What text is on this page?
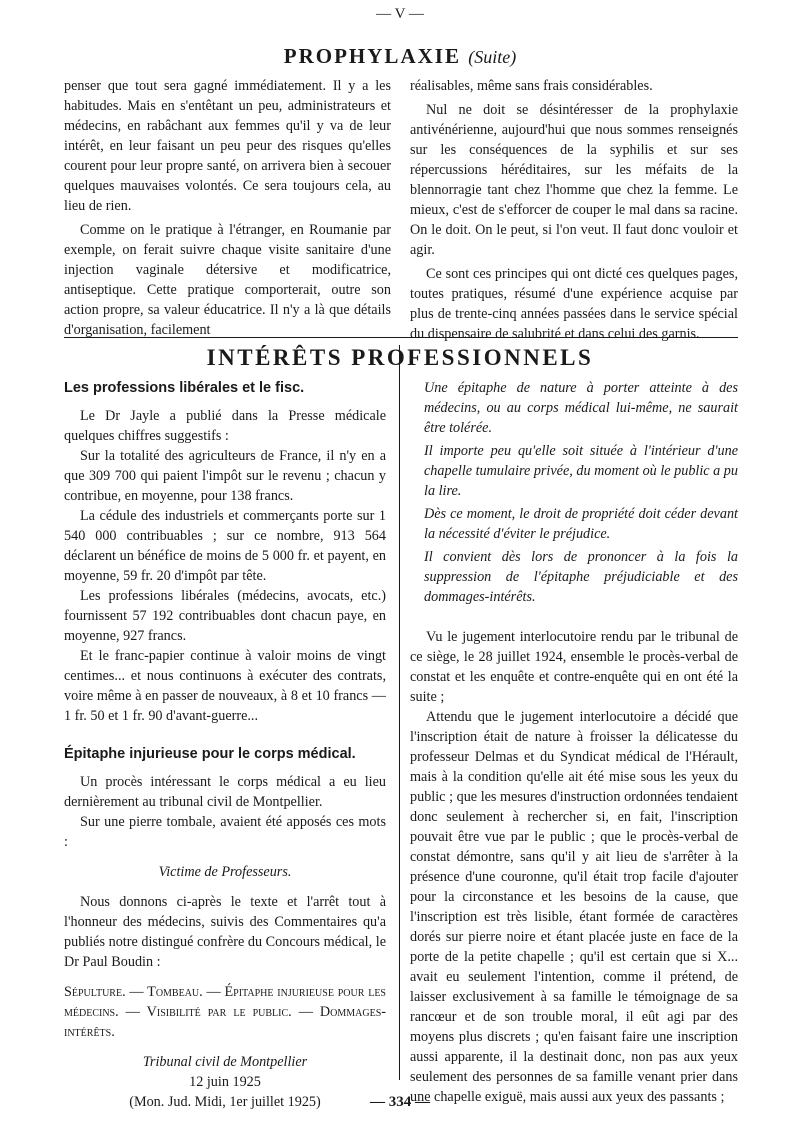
— V —
PROPHYLAXIE (Suite)

penser que tout sera gagné immédiatement. Il y a les habitudes. Mais en s'entêtant un peu, administrateurs et médecins, en rabâchant aux femmes qu'il y va de leur intérêt, en leur faisant un peu peur des risques qu'elles courent pour leur propre santé, on arrivera bien à secouer quelques mauvaises volontés. Ce sera toujours cela, au lieu de rien.

Comme on le pratique à l'étranger, en Roumanie par exemple, on ferait suivre chaque visite sanitaire d'une injection vaginale détersive et modificatrice, antiseptique. Cette pratique comporterait, outre son action propre, sa valeur éducatrice. Il n'y a là que détails d'organisation, facilement

réalisables, même sans frais considérables.

Nul ne doit se désintéresser de la prophylaxie antivénérienne, aujourd'hui que nous sommes renseignés sur les conséquences de la syphilis et sur ses répercussions héréditaires, sur les méfaits de la blennorragie tant chez l'homme que chez la femme. Le mieux, c'est de s'efforcer de couper le mal dans sa racine. On le doit. On le peut, si l'on veut. Il faut donc vouloir et agir.

Ce sont ces principes qui ont dicté ces quelques pages, toutes pratiques, résumé d'une expérience acquise par plus de trente-cinq années passées dans le service spécial du dispensaire de salubrité et dans celui des garnis.

INTÉRÊTS PROFESSIONNELS
Les professions libérales et le fisc.

Le Dr Jayle a publié dans la Presse médicale quelques chiffres suggestifs :

Sur la totalité des agriculteurs de France, il n'y en a que 309 700 qui paient l'impôt sur le revenu ; chacun y contribue, en moyenne, pour 138 francs.

La cédule des industriels et commerçants porte sur 1 540 000 contribuables ; sur ce nombre, 913 564 déclarent un bénéfice de moins de 5 000 fr. et payent, en moyenne, 59 fr. 20 d'impôt par tête.

Les professions libérales (médecins, avocats, etc.) fournissent 57 192 contribuables dont chacun paye, en moyenne, 927 francs.

Et le franc-papier continue à valoir moins de vingt centimes... et nous continuons à exécuter des contrats, voire même à en passer de nouveaux, à 8 et 10 francs — 1 fr. 50 et 1 fr. 90 d'avant-guerre...

Épitaphe injurieuse pour le corps médical.

Un procès intéressant le corps médical a eu lieu dernièrement au tribunal civil de Montpellier.

Sur une pierre tombale, avaient été apposés ces mots :

Victime de Professeurs.

Nous donnons ci-après le texte et l'arrêt tout à l'honneur des médecins, suivis des Commentaires qu'a publiés notre distingué confrère du Concours médical, le Dr Paul Boudin :

Sépulture. — Tombeau. — Épitaphe injurieuse pour les médecins. — Visibilité par le public. — Dommages-intérêts.

Tribunal civil de Montpellier

12 juin 1925

(Mon. Jud. Midi, 1er juillet 1925)

Une épitaphe de nature à porter atteinte à des médecins, ou au corps médical lui-même, ne saurait être tolérée.

Il importe peu qu'elle soit située à l'intérieur d'une chapelle tumulaire privée, du moment où le public a pu la lire.

Dès ce moment, le droit de propriété doit céder devant la nécessité d'éviter le préjudice.

Il convient dès lors de prononcer à la fois la suppression de l'épitaphe préjudiciable et des dommages-intérêts.

Vu le jugement interlocutoire rendu par le tribunal de ce siège, le 28 juillet 1924, ensemble le procès-verbal de constat et les enquête et contre-enquête qui en ont été la suite ;

Attendu que le jugement interlocutoire a décidé que l'inscription était de nature à froisser la délicatesse du professeur Delmas et du Syndicat médical de l'Hérault, mais à la condition qu'elle ait été mise sous les yeux du public ; que les mesures d'instruction ordonnées tendaient donc seulement à rechercher si, en fait, l'inscription pouvait être vue par le public ; que le procès-verbal de constat démontre, sans qu'il y ait lieu de s'arrêter à la présence d'une couronne, qu'il était trop facile d'ajouter pour la circonstance et les besoins de la cause, que l'inscription est très lisible, étant formée de caractères dorés sur pierre noire et étant placée juste en face de la porte de la petite chapelle ; qu'il est certain que si X... avait eu seulement l'intention, comme il prétend, de laisser exclusivement à sa famille le témoignage de sa rancœur et de son trouble moral, il eût agi par des moyens plus discrets ; qu'en faisant faire une inscription aussi apparente, il la destinait donc, non pas aux yeux seulement des personnes de sa famille venant prier dans une chapelle exiguë, mais aussi aux yeux des passants ;

— 334 —
